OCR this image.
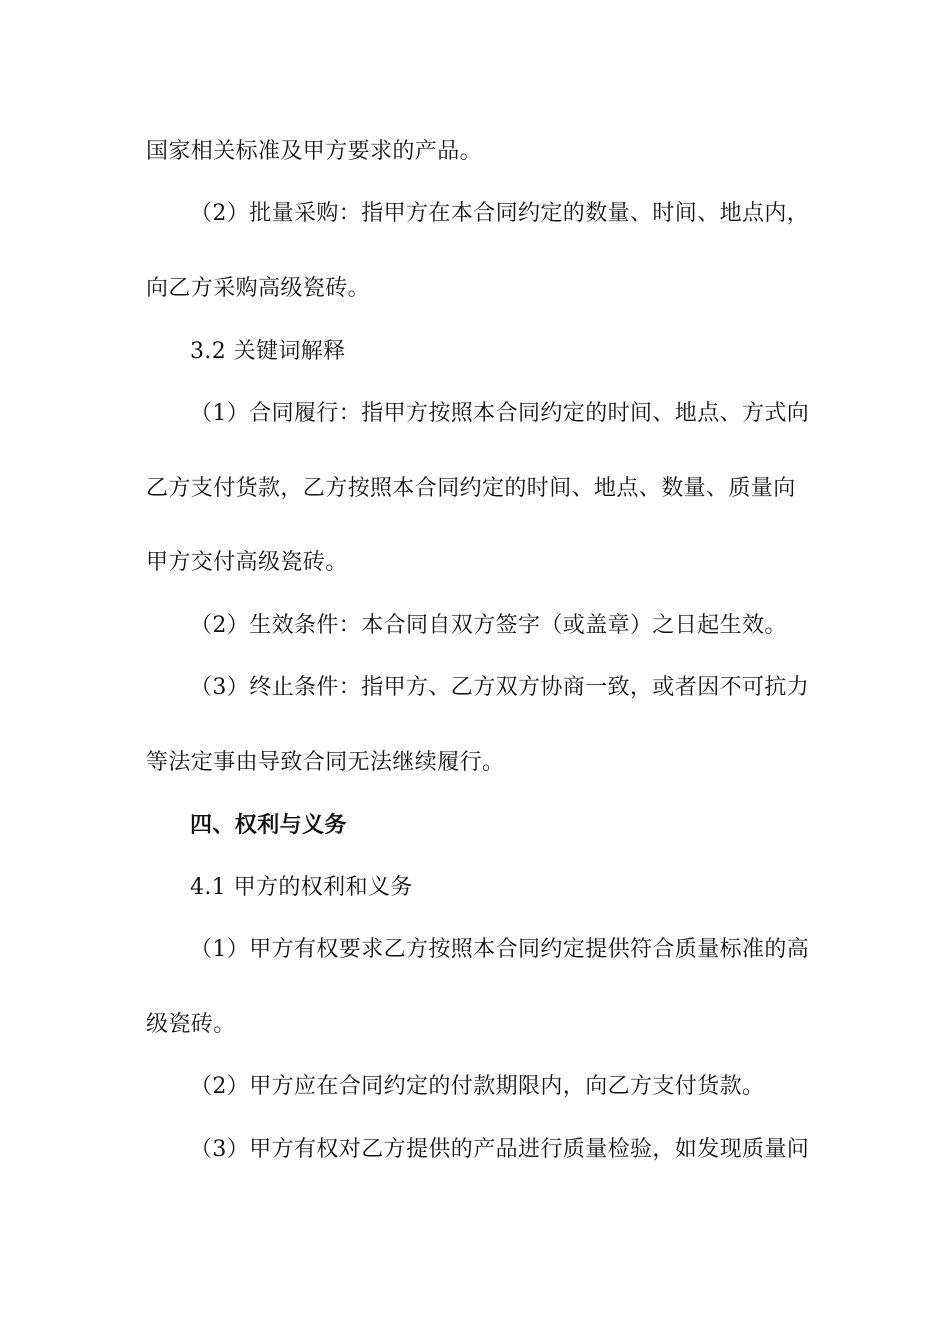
国家相关标准及甲方要求的产品。
（2）批量采购：指甲方在本合同约定的数量、时间、地点内，
向乙方采购高级瓷砖。
3.2 关键词解释
（1）合同履行：指甲方按照本合同约定的时间、地点、方式向
乙方支付货款，乙方按照本合同约定的时间、地点、数量、质量向
甲方交付高级瓷砖。
（2）生效条件：本合同自双方签字（或盖章）之日起生效。
（3）终止条件：指甲方、乙方双方协商一致，或者因不可抗力
等法定事由导致合同无法继续履行。
四、权利与义务
4.1 甲方的权利和义务
（1）甲方有权要求乙方按照本合同约定提供符合质量标准的高
级瓷砖。
（2）甲方应在合同约定的付款期限内，向乙方支付货款。
（3）甲方有权对乙方提供的产品进行质量检验，如发现质量问
